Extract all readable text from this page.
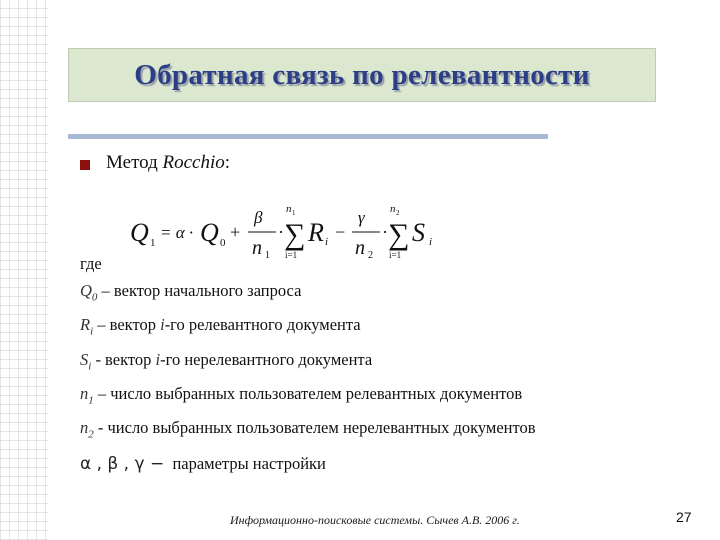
Обратная связь по релевантности
Метод Rocchio:
Q 1
= α · Q 0
+
β
n 1
n 1
· ∑
i=1
R i −
γ
n 2
n 2
· ∑
i=1
S i
где
$Q_0$ – вектор начального запроса
$R_i$ – вектор i-го релевантного документа
$S_i$ - вектор i-го нерелевантного документа
$n_1$ – число выбранных пользователем релевантных документов
$n_2$ - число выбранных пользователем нерелевантных документов
α , β , γ − параметры настройки
Информационно-поисковые системы. Сычев А.В. 2006 г.	27
